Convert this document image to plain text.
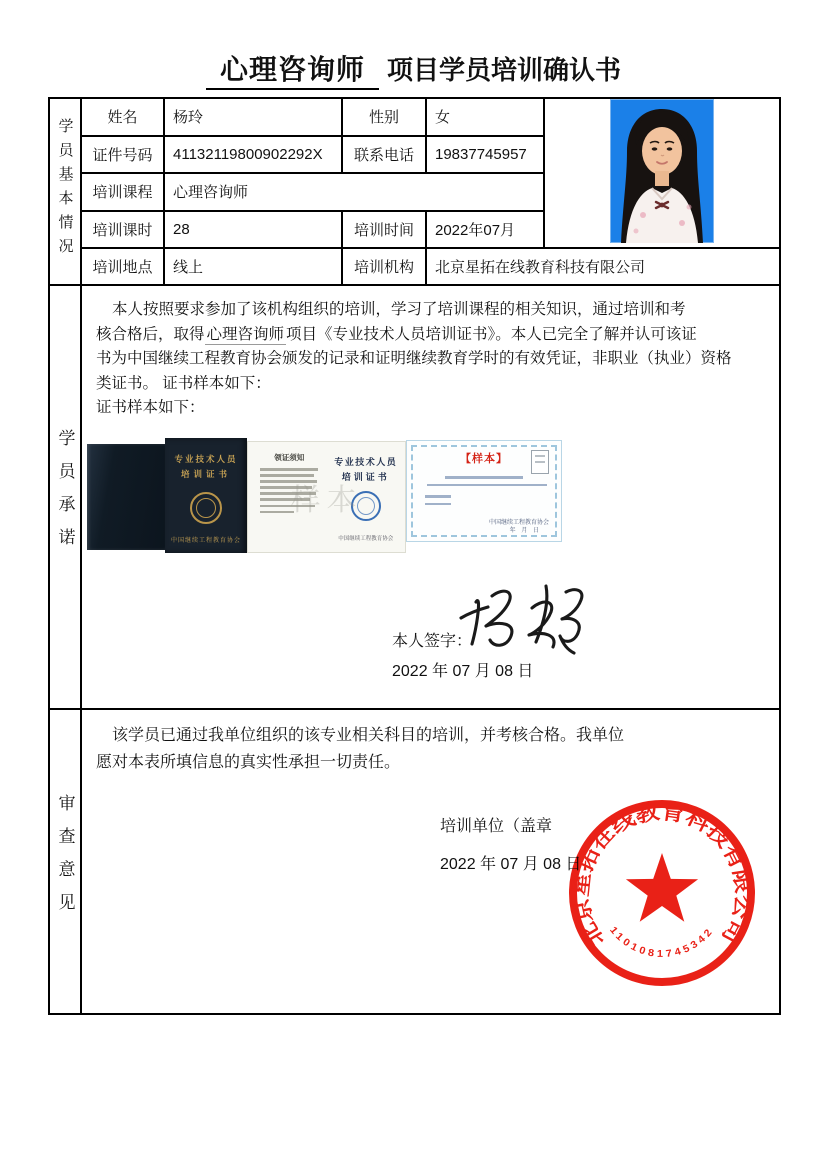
心理咨询师 项目学员培训确认书
学员基本情况	姓名	杨玲	性别	女	
	证件号码	41132119800902292X	联系电话	19837745957	
	培训课程	心理咨询师			
	培训课时	28	培训时间	2022年07月	
	培训地点	线上	培训机构	北京星拓在线教育科技有限公司	
学员承诺	
本人按照要求参加了该机构组织的培训，学习了培训课程的相关知识，通过培训和考
核合格后，取得 心理咨询师 项目《专业技术人员培训证书》。本人已完全了解并认可该证
书为中国继续工程教育协会颁发的记录和证明继续教育学时的有效凭证，非职业（执业）资格
类证书。 证书样本如下：
证书样本如下：
专业技术人员
培训证书
中国继续工程教育协会
领证须知	专业技术人员
培训证书
中国继续工程教育协会
样本
【样本】
中国继续工程教育协会
年 月 日
本人签字：
2022 年 07 月 08 日

审查意见	
该学员已通过我单位组织的该专业相关科目的培训，并考核合格。我单位
愿对本表所填信息的真实性承担一切责任。
培训单位（盖章
2022 年 07 月 08 日
北京星拓在线教育科技有限公司
1101081745342
